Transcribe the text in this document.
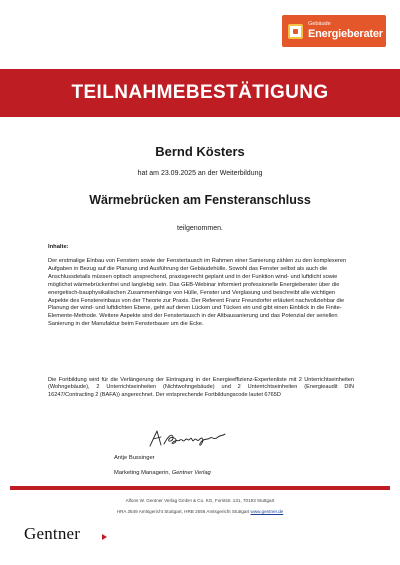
Gebäude
Energieberater
TEILNAHMEBESTÄTIGUNG
Bernd Kösters
hat am 23.09.2025 an der Weiterbildung
Wärmebrücken am Fensteranschluss
teilgenommen.
Inhalte:
Der erstmalige Einbau von Fenstern sowie der Fenstertausch im Rahmen einer Sanierung zählen zu den komplexeren Aufgaben in Bezug auf die Planung und Ausführung der Gebäudehülle. Sowohl das Fenster selbst als auch die Anschlussdetails müssen optisch ansprechend, praxisgerecht geplant und in der Funktion wind- und luftdicht sowie möglichst wärmebrückenfrei und langlebig sein. Das GEB-Webinar informiert professionelle Energieberater über die energetisch-bauphysikalischen Zusammenhänge von Hülle, Fenster und Verglasung und beschreibt alle wichtigen Aspekte des Fenstereinbaus von der Theorie zur Praxis. Der Referent Franz Freundorfer erläutert nachvollziehbar die Planung der wind- und luftdichten Ebene, geht auf deren Lücken und Tücken ein und gibt einen Einblick in die Finite-Elemente-Methode. Weitere Aspekte sind der Fenstertausch in der Altbausanierung und das Potenzial der seriellen Sanierung in der Manufaktur beim Fensterbauer um die Ecke.
Die Fortbildung wird für die Verlängerung der Eintragung in der Energieeffizienz-Expertenliste mit 2 Unterrichtseinheiten (Wohngebäude), 2 Unterrichtseinheiten (Nichtwohngebäude) und 2 Unterrichtseinheiten (Energieaudit DIN 16247/Contracting 2 (BAFA)) angerechnet. Der entsprechende Fortbildungscode lautet 6765D
Antje Bussinger
Marketing Managerin, Gentner Verlag
Alfons W. Gentner Verlag GmbH & Co. KG, Forststr. 131, 70193 Stuttgart
HRA 3549 Amtsgericht Stuttgart, HRB 2556 Amtsgericht Stuttgart www.gentner.de
Gentner
